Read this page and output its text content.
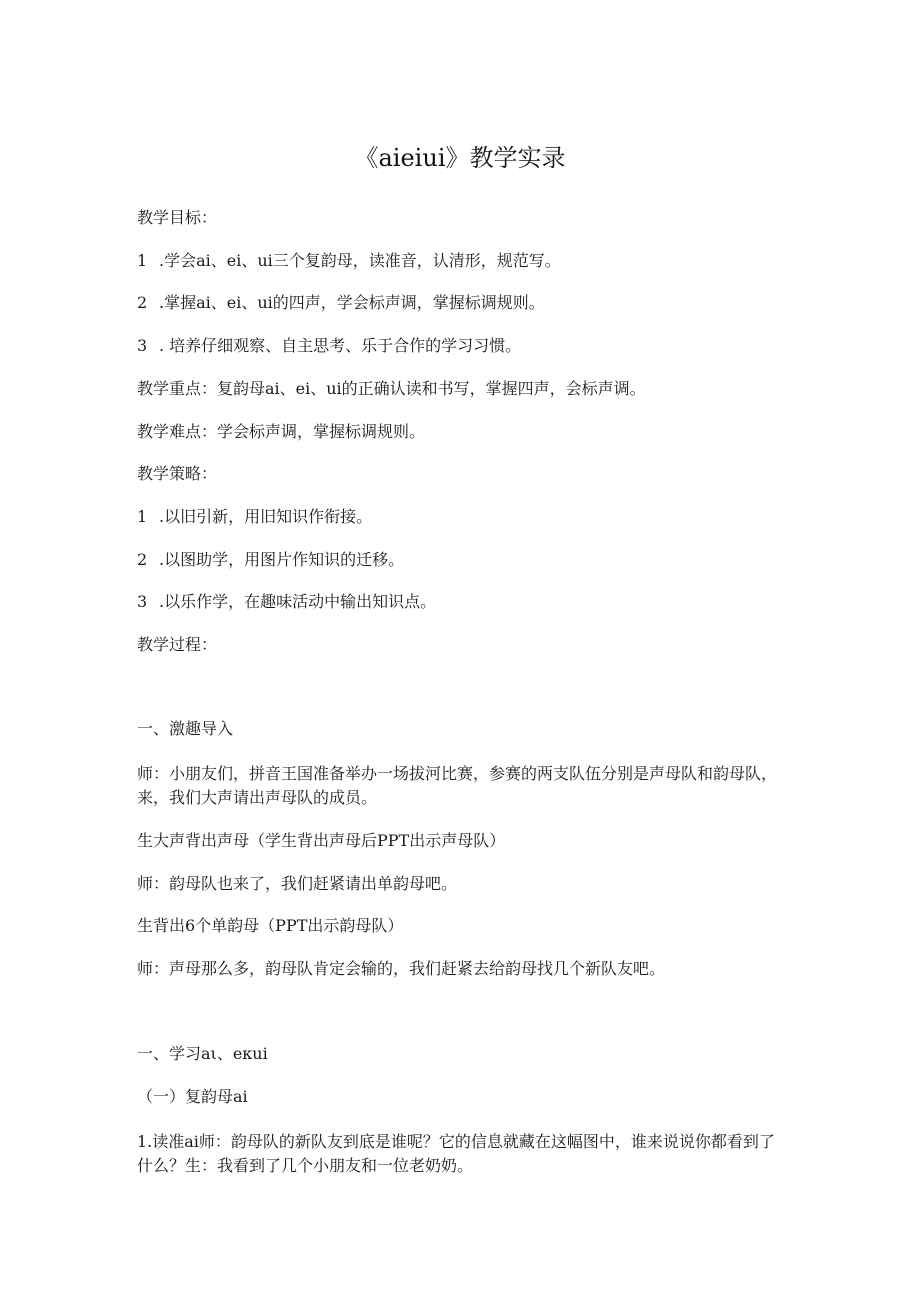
《aieiui》教学实录
教学目标：
1 .学会ai、ei、ui三个复韵母，读准音，认清形，规范写。
2 .掌握ai、ei、ui的四声，学会标声调，掌握标调规则。
3 . 培养仔细观察、自主思考、乐于合作的学习习惯。
教学重点：复韵母ai、ei、ui的正确认读和书写，掌握四声，会标声调。
教学难点：学会标声调，掌握标调规则。
教学策略：
1 .以旧引新，用旧知识作衔接。
2 .以图助学，用图片作知识的迁移。
3 .以乐作学，在趣味活动中输出知识点。
教学过程：
一、激趣导入
师：小朋友们，拼音王国准备举办一场拔河比赛，参赛的两支队伍分别是声母队和韵母队，来，我们大声请出声母队的成员。
生大声背出声母（学生背出声母后PPT出示声母队）
师：韵母队也来了，我们赶紧请出单韵母吧。
生背出6个单韵母（PPT出示韵母队）
师：声母那么多，韵母队肯定会输的，我们赶紧去给韵母找几个新队友吧。
一、学习aι、eκui
（一）复韵母ai
1.读准ai师：韵母队的新队友到底是谁呢？它的信息就藏在这幅图中，谁来说说你都看到了什么？生：我看到了几个小朋友和一位老奶奶。
